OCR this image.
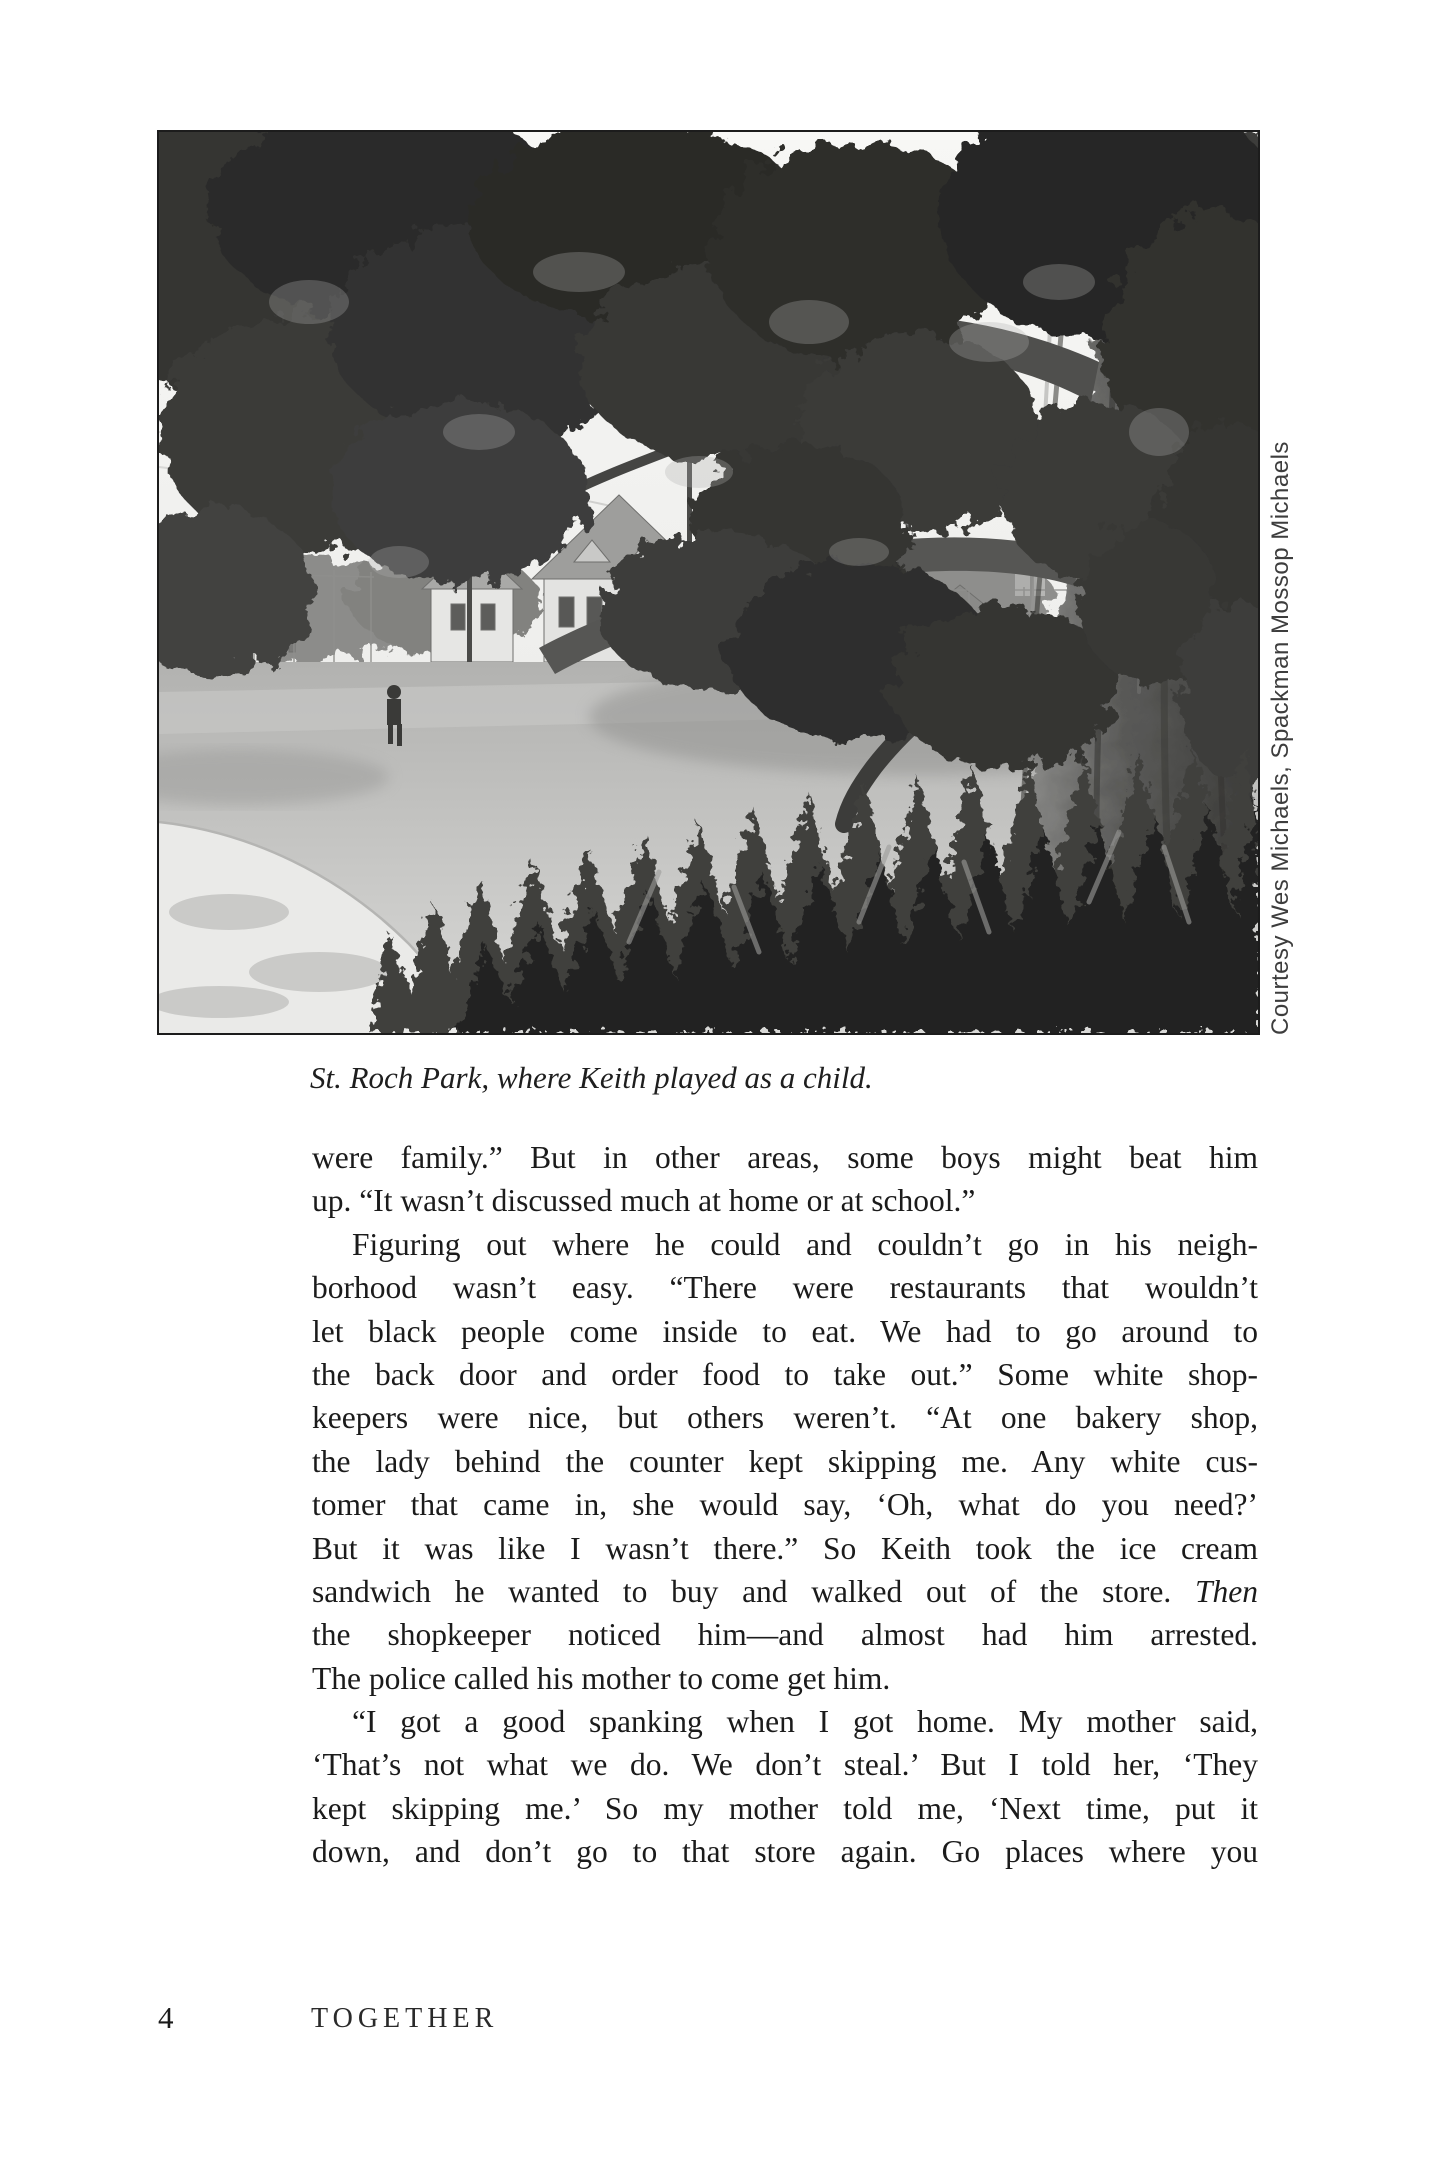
Courtesy Wes Michaels, Spackman Mossop Michaels
St. Roch Park, where Keith played as a child.
were family.” But in other areas, some boys might beat him
up. “It wasn’t discussed much at home or at school.”
Figuring out where he could and couldn’t go in his neigh-
borhood wasn’t easy. “There were restaurants that wouldn’t
let black people come inside to eat. We had to go around to
the back door and order food to take out.” Some white shop-
keepers were nice, but others weren’t. “At one bakery shop,
the lady behind the counter kept skipping me. Any white cus-
tomer that came in, she would say, ‘Oh, what do you need?’
But it was like I wasn’t there.” So Keith took the ice cream
sandwich he wanted to buy and walked out of the store. Then
the shopkeeper noticed him—and almost had him arrested.
The police called his mother to come get him.
“I got a good spanking when I got home. My mother said,
‘That’s not what we do. We don’t steal.’ But I told her, ‘They
kept skipping me.’ So my mother told me, ‘Next time, put it
down, and don’t go to that store again. Go places where you
4	TOGETHER
